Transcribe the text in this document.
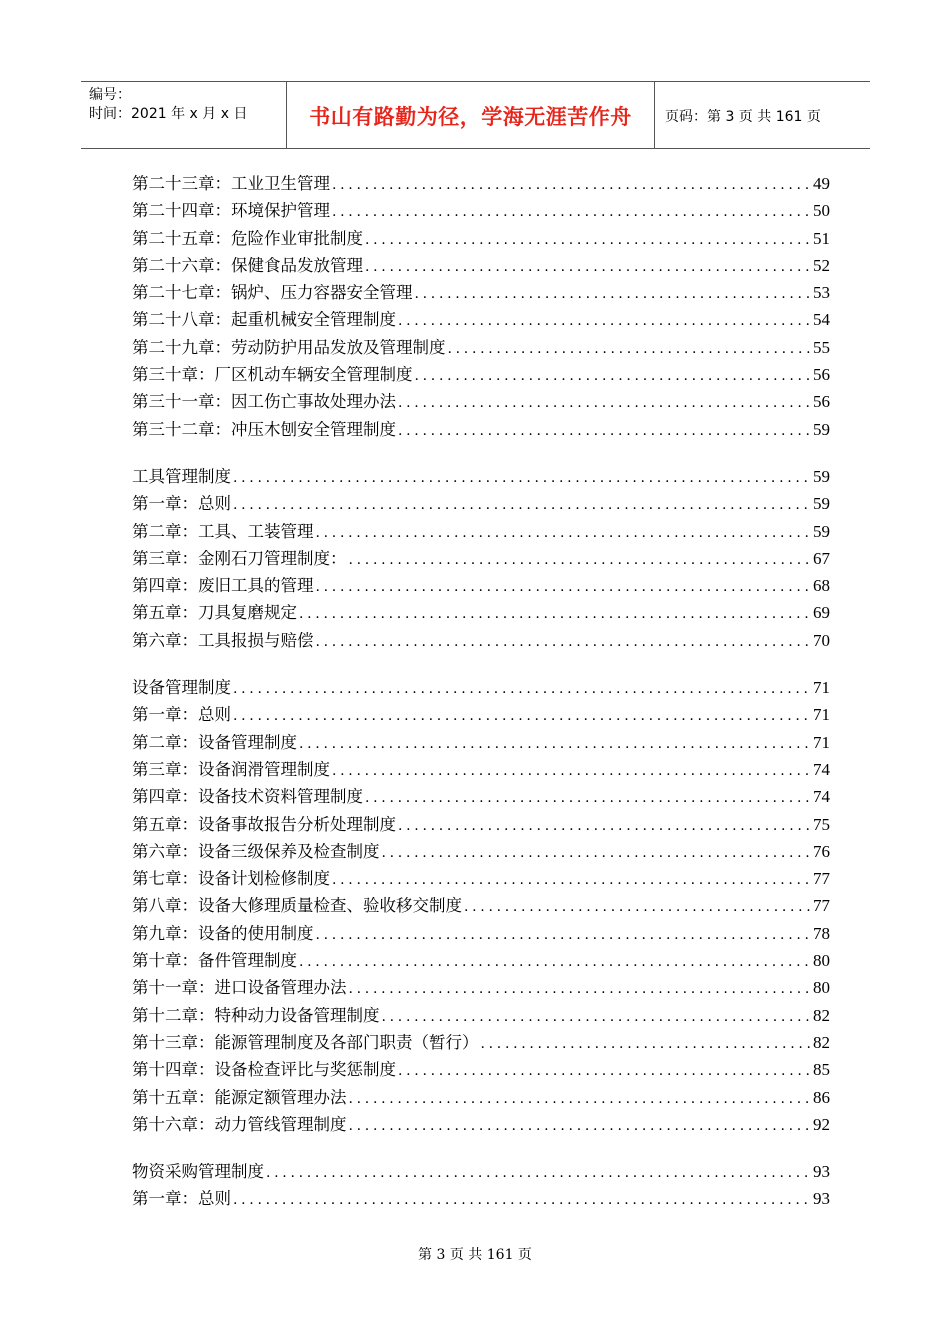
编号：
时间：2021 年 x 月 x 日	书山有路勤为径，学海无涯苦作舟	页码：第 3 页 共 161 页
第二十三章：工业卫生管理 .....	49
第二十四章：环境保护管理 .....	50
第二十五章：危险作业审批制度 .....	51
第二十六章：保健食品发放管理 .....	52
第二十七章：锅炉、压力容器安全管理 .....	53
第二十八章：起重机械安全管理制度 .....	54
第二十九章：劳动防护用品发放及管理制度 .....	55
第三十章：厂区机动车辆安全管理制度 .....	56
第三十一章：因工伤亡事故处理办法 .....	56
第三十二章：冲压木刨安全管理制度 .....	59
工具管理制度 .....	59
第一章：总则 .....	59
第二章：工具、工装管理 .....	59
第三章：金刚石刀管理制度： .....	67
第四章：废旧工具的管理 .....	68
第五章：刀具复磨规定 .....	69
第六章：工具报损与赔偿 .....	70
设备管理制度 .....	71
第一章：总则 .....	71
第二章：设备管理制度 .....	71
第三章：设备润滑管理制度 .....	74
第四章：设备技术资料管理制度 .....	74
第五章：设备事故报告分析处理制度 .....	75
第六章：设备三级保养及检查制度 .....	76
第七章：设备计划检修制度 .....	77
第八章：设备大修理质量检查、验收移交制度 .....	77
第九章：设备的使用制度 .....	78
第十章：备件管理制度 .....	80
第十一章：进口设备管理办法 .....	80
第十二章：特种动力设备管理制度 .....	82
第十三章：能源管理制度及各部门职责（暂行） .....	82
第十四章：设备检查评比与奖惩制度 .....	85
第十五章：能源定额管理办法 .....	86
第十六章：动力管线管理制度 .....	92
物资采购管理制度 .....	93
第一章：总则 .....	93
第 3 页 共 161 页
